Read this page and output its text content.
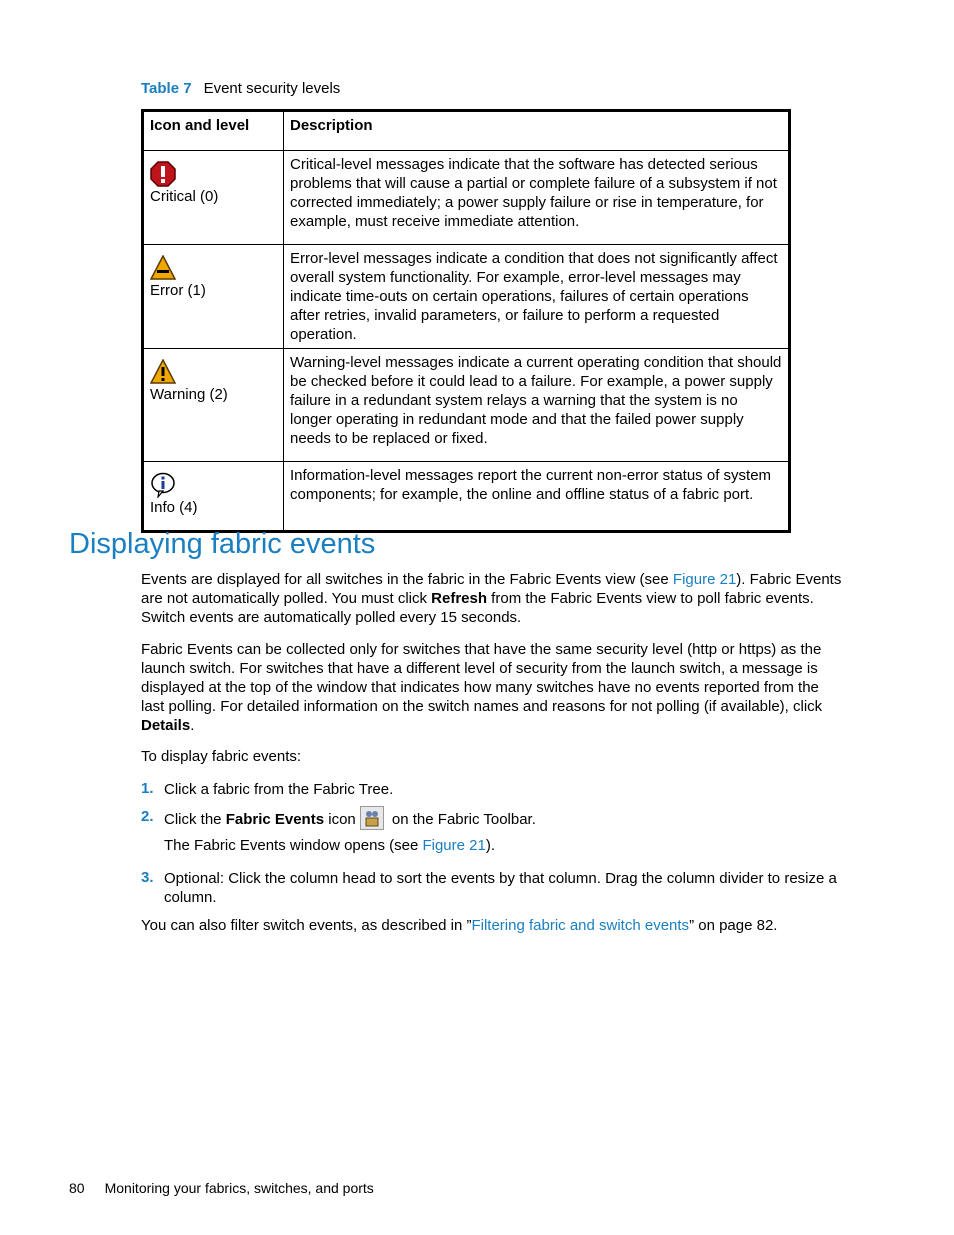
Table 7 Event security levels
Icon and level	Description

Critical (0)	Critical-level messages indicate that the software has detected serious problems that will cause a partial or complete failure of a subsystem if not corrected immediately; a power supply failure or rise in temperature, for example, must receive immediate attention.

Error (1)	Error-level messages indicate a condition that does not significantly affect overall system functionality. For example, error-level messages may indicate time-outs on certain operations, failures of certain operations after retries, invalid parameters, or failure to perform a requested operation.

Warning (2)	Warning-level messages indicate a current operating condition that should be checked before it could lead to a failure. For example, a power supply failure in a redundant system relays a warning that the system is no longer operating in redundant mode and that the failed power supply needs to be replaced or fixed.

Info (4)	Information-level messages report the current non-error status of system components; for example, the online and offline status of a fabric port.
Displaying fabric events

Events are displayed for all switches in the fabric in the Fabric Events view (see Figure 21). Fabric Events are not automatically polled. You must click Refresh from the Fabric Events view to poll fabric events. Switch events are automatically polled every 15 seconds.

Fabric Events can be collected only for switches that have the same security level (http or https) as the launch switch. For switches that have a different level of security from the launch switch, a message is displayed at the top of the window that indicates how many switches have no events reported from the last polling. For detailed information on the switch names and reasons for not polling (if available), click Details.

To display fabric events:

1. Click a fabric from the Fabric Tree.
2. Click the Fabric Events icon on the Fabric Toolbar.
The Fabric Events window opens (see Figure 21).
3. Optional: Click the column head to sort the events by that column. Drag the column divider to resize a column.

You can also filter switch events, as described in ”Filtering fabric and switch events” on page 82.

80 Monitoring your fabrics, switches, and ports
